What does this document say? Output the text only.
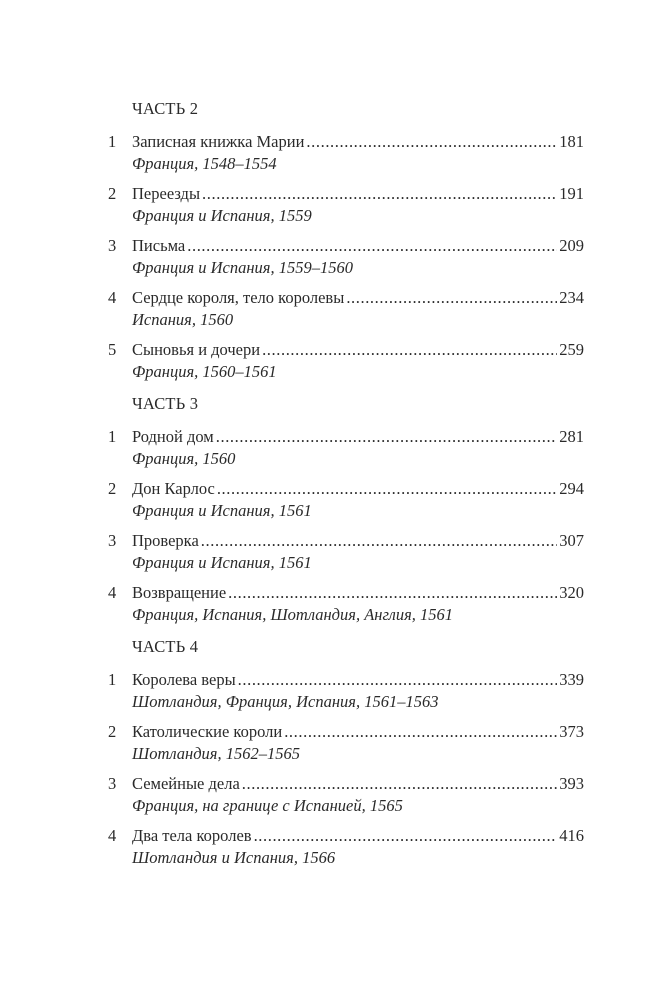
ЧАСТЬ 2
1 Записная книжка Марии .....	181
Франция, 1548–1554
2 Переезды .....	191
Франция и Испания, 1559
3 Письма .....	209
Франция и Испания, 1559–1560
4 Сердце короля, тело королевы .....	234
Испания, 1560
5 Сыновья и дочери .....	259
Франция, 1560–1561
ЧАСТЬ 3
1 Родной дом .....	281
Франция, 1560
2 Дон Карлос .....	294
Франция и Испания, 1561
3 Проверка .....	307
Франция и Испания, 1561
4 Возвращение .....	320
Франция, Испания, Шотландия, Англия, 1561
ЧАСТЬ 4
1 Королева веры .....	339
Шотландия, Франция, Испания, 1561–1563
2 Католические короли .....	373
Шотландия, 1562–1565
3 Семейные дела .....	393
Франция, на границе с Испанией, 1565
4 Два тела королев .....	416
Шотландия и Испания, 1566
